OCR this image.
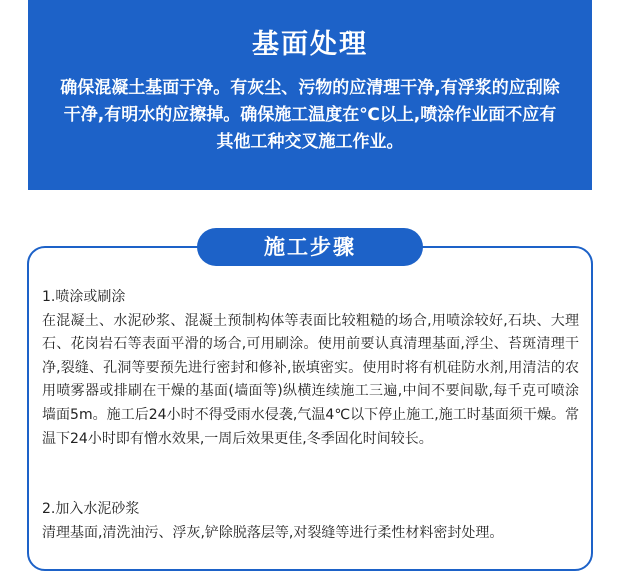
基面处理
确保混凝土基面于净。有灰尘、污物的应清理干净,有浮浆的应刮除干净,有明水的应擦掉。确保施工温度在℃以上,喷涂作业面不应有其他工种交叉施工作业。
1.喷涂或刷涂
在混凝土、水泥砂浆、混凝土预制构体等表面比较粗糙的场合,用喷涂较好,石块、大理石、花岗岩石等表面平滑的场合,可用刷涂。使用前要认真清理基面,浮尘、苔斑清理干净,裂缝、孔洞等要预先进行密封和修补,嵌填密实。使用时将有机硅防水剂,用清洁的农用喷雾器或排刷在干燥的基面(墙面等)纵横连续施工三遍,中间不要间歇,每千克可喷涂墙面5m。施工后24小时不得受雨水侵袭,气温4℃以下停止施工,施工时基面须干燥。常温下24小时即有憎水效果,一周后效果更佳,冬季固化时间较长。
2.加入水泥砂浆
清理基面,清洗油污、浮灰,铲除脱落层等,对裂缝等进行柔性材料密封处理。
施工步骤
